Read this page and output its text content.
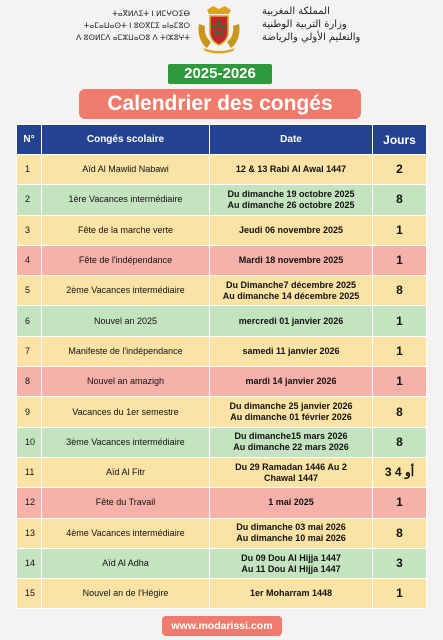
ⵜⴰⴳⵍⴷⵉⵜ ⵏ ⵍⵎⵖⵔⵉⴱ
ⵜⴰⵎⴰⵡⴰⵙⵜ ⵏ ⵓⵙⴳⵎⵉ ⴰⵏⴰⵎⵓⵔ
ⴷ ⵓⵙⵍⵎⴷ ⴰⵎⵣⵡⴰⵔⵓ ⴷ ⵜⵏⵣⵓⵖⵜ
المملكة المغربية
وزارة التربية الوطنية
والتعليم الأولي والرياضة
2025-2026
Calendrier des congés
N°	Congés scolaire	Date	Jours
1	Aïd Al Mawlid Nabawi	12 & 13 Rabi Al Awal 1447	2
2	1ère Vacances intermédiaire	Du dimanche 19 octobre 2025
Au dimanche 26 octobre 2025	8
3	Fête de la marche verte	Jeudi 06 novembre 2025	1
4	Fête de l'indépendance	Mardi 18 novembre 2025	1
5	2ème Vacances intermédiaire	Du Dimanche7 décembre 2025
Au dimanche 14 décembre 2025	8
6	Nouvel an 2025	mercredi 01 janvier 2026	1
7	Manifeste de l'indépendance	samedi 11 janvier 2026	1
8	Nouvel an amazigh	mardi 14 janvier 2026	1
9	Vacances du 1er semestre	Du dimanche 25 janvier 2026
Au dimanche 01 février 2026	8
10	3ème Vacances intermédiaire	Du dimanche15 mars 2026
Au dimanche 22 mars 2026	8
11	Aïd Al Fitr	Du 29 Ramadan 1446 Au 2
Chawal 1447	3 أو 4
12	Fête du Travail	1 mai 2025	1
13	4ème Vacances intermédiaire	Du dimanche 03 mai 2026
Au dimanche 10 mai 2026	8
14	Aïd Al Adha	Du 09 Dou Al Hijja 1447
Au 11 Dou Al Hijja 1447	3
15	Nouvel an de l'Hégire	1er Moharram 1448	1
www.modarissi.com
